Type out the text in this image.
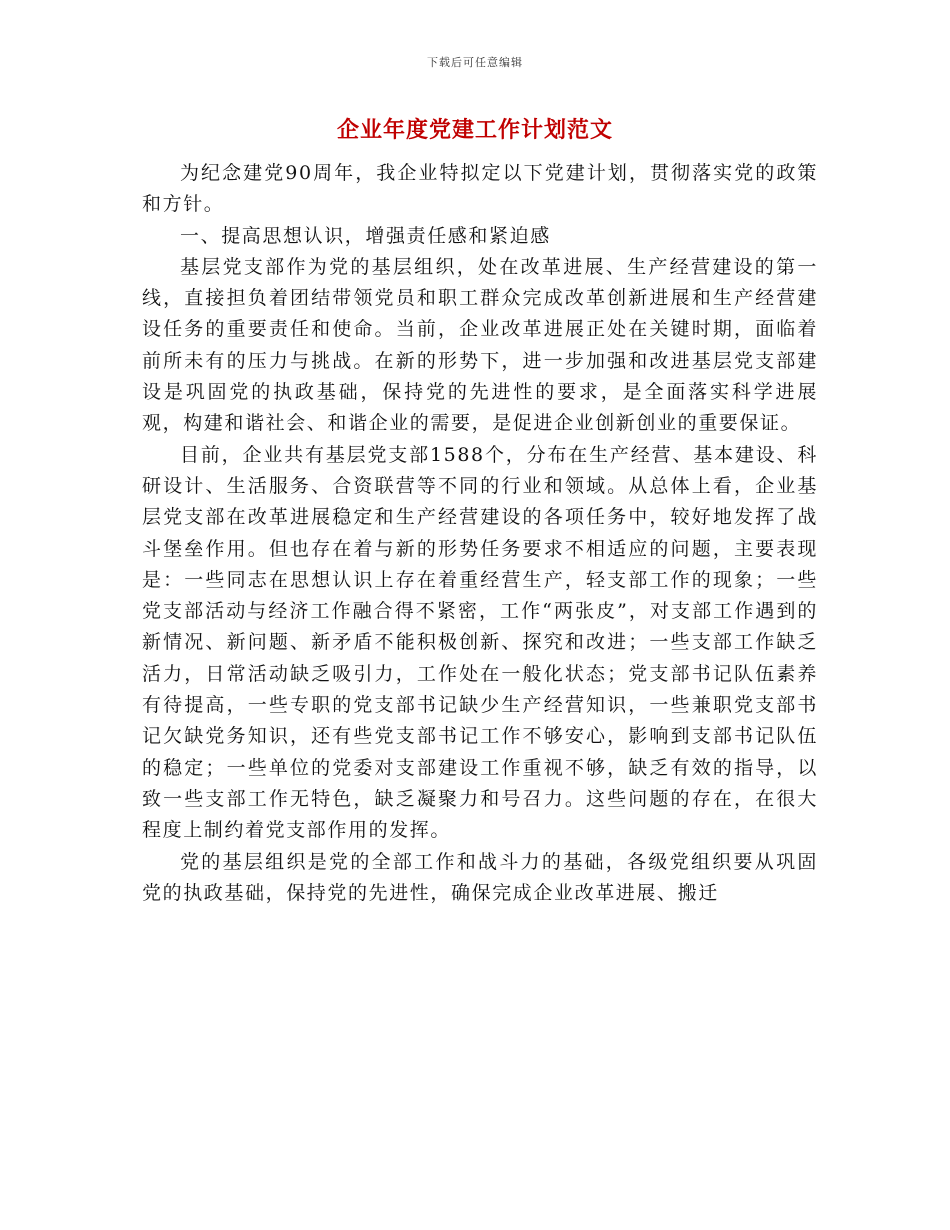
下载后可任意编辑
企业年度党建工作计划范文

为纪念建党90周年，我企业特拟定以下党建计划，贯彻落实党的政策和方针。

一、提高思想认识，增强责任感和紧迫感

基层党支部作为党的基层组织，处在改革进展、生产经营建设的第一线，直接担负着团结带领党员和职工群众完成改革创新进展和生产经营建设任务的重要责任和使命。当前，企业改革进展正处在关键时期，面临着前所未有的压力与挑战。在新的形势下，进一步加强和改进基层党支部建设是巩固党的执政基础，保持党的先进性的要求，是全面落实科学进展观，构建和谐社会、和谐企业的需要，是促进企业创新创业的重要保证。

目前，企业共有基层党支部1588个，分布在生产经营、基本建设、科研设计、生活服务、合资联营等不同的行业和领域。从总体上看，企业基层党支部在改革进展稳定和生产经营建设的各项任务中，较好地发挥了战斗堡垒作用。但也存在着与新的形势任务要求不相适应的问题，主要表现是：一些同志在思想认识上存在着重经营生产，轻支部工作的现象；一些党支部活动与经济工作融合得不紧密，工作“两张皮”，对支部工作遇到的新情况、新问题、新矛盾不能积极创新、探究和改进；一些支部工作缺乏活力，日常活动缺乏吸引力，工作处在一般化状态；党支部书记队伍素养有待提高，一些专职的党支部书记缺少生产经营知识，一些兼职党支部书记欠缺党务知识，还有些党支部书记工作不够安心，影响到支部书记队伍的稳定；一些单位的党委对支部建设工作重视不够，缺乏有效的指导，以致一些支部工作无特色，缺乏凝聚力和号召力。这些问题的存在，在很大程度上制约着党支部作用的发挥。

党的基层组织是党的全部工作和战斗力的基础，各级党组织要从巩固党的执政基础，保持党的先进性，确保完成企业改革进展、搬迁
